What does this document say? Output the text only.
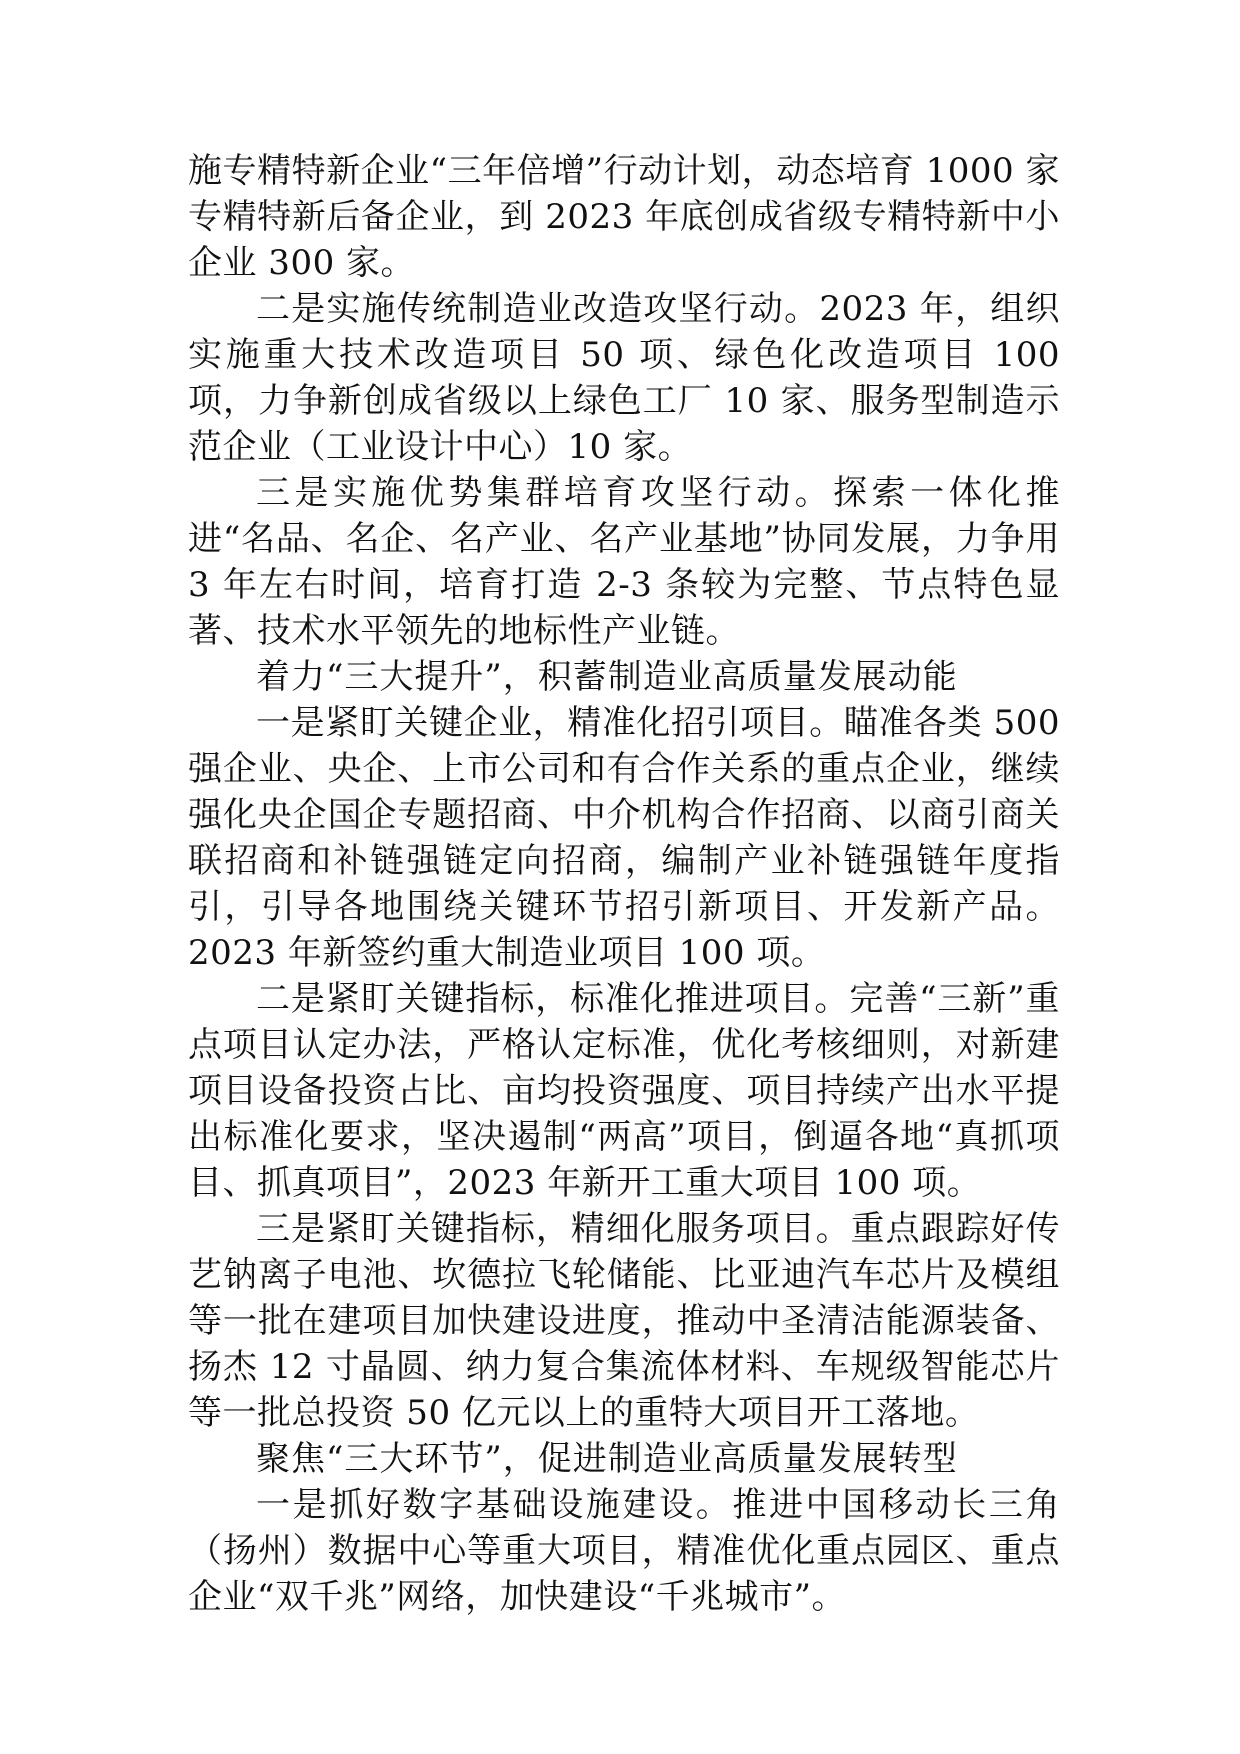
施专精特新企业“三年倍增”行动计划，动态培育 1000 家专精特新后备企业，到 2023 年底创成省级专精特新中小企业 300 家。

二是实施传统制造业改造攻坚行动。2023 年，组织实施重大技术改造项目 50 项、绿色化改造项目 100 项，力争新创成省级以上绿色工厂 10 家、服务型制造示范企业（工业设计中心）10 家。

三是实施优势集群培育攻坚行动。探索一体化推进“名品、名企、名产业、名产业基地”协同发展，力争用 3 年左右时间，培育打造 2-3 条较为完整、节点特色显著、技术水平领先的地标性产业链。

着力“三大提升”，积蓄制造业高质量发展动能

一是紧盯关键企业，精准化招引项目。瞄准各类 500 强企业、央企、上市公司和有合作关系的重点企业，继续强化央企国企专题招商、中介机构合作招商、以商引商关联招商和补链强链定向招商，编制产业补链强链年度指引，引导各地围绕关键环节招引新项目、开发新产品。2023 年新签约重大制造业项目 100 项。

二是紧盯关键指标，标准化推进项目。完善“三新”重点项目认定办法，严格认定标准，优化考核细则，对新建项目设备投资占比、亩均投资强度、项目持续产出水平提出标准化要求，坚决遏制“两高”项目，倒逼各地“真抓项目、抓真项目”，2023 年新开工重大项目 100 项。

三是紧盯关键指标，精细化服务项目。重点跟踪好传艺钠离子电池、坎德拉飞轮储能、比亚迪汽车芯片及模组等一批在建项目加快建设进度，推动中圣清洁能源装备、扬杰 12 寸晶圆、纳力复合集流体材料、车规级智能芯片等一批总投资 50 亿元以上的重特大项目开工落地。

聚焦“三大环节”，促进制造业高质量发展转型

一是抓好数字基础设施建设。推进中国移动长三角（扬州）数据中心等重大项目，精准优化重点园区、重点企业“双千兆”网络，加快建设“千兆城市”。
